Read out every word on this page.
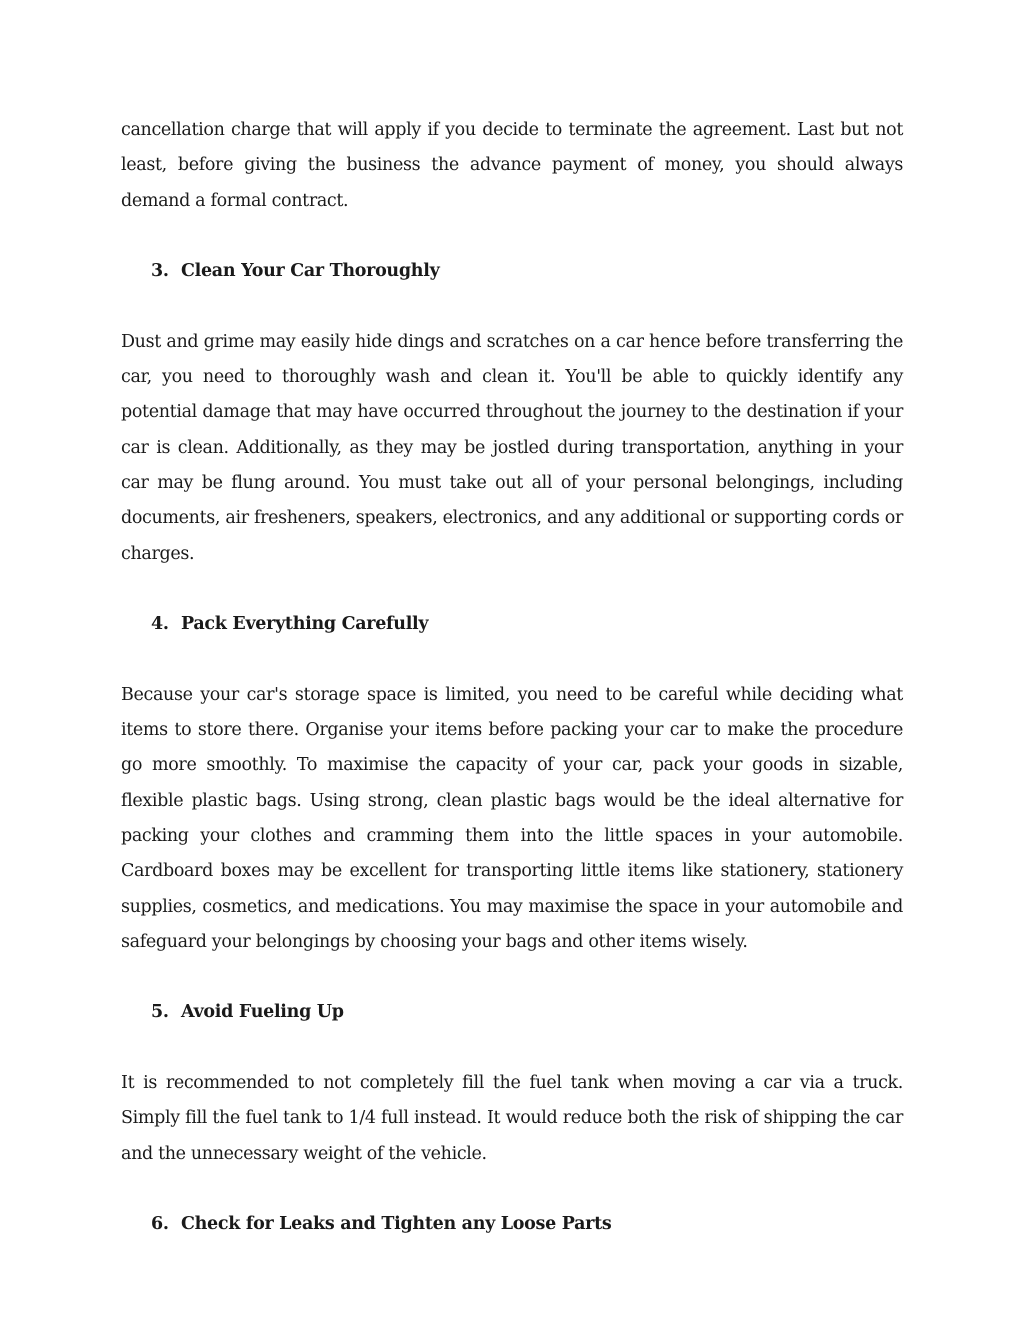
cancellation charge that will apply if you decide to terminate the agreement. Last but not least, before giving the business the advance payment of money, you should always demand a formal contract.

3. Clean Your Car Thoroughly

Dust and grime may easily hide dings and scratches on a car hence before transferring the car, you need to thoroughly wash and clean it. You'll be able to quickly identify any potential damage that may have occurred throughout the journey to the destination if your car is clean. Additionally, as they may be jostled during transportation, anything in your car may be flung around. You must take out all of your personal belongings, including documents, air fresheners, speakers, electronics, and any additional or supporting cords or charges.

4. Pack Everything Carefully

Because your car's storage space is limited, you need to be careful while deciding what items to store there. Organise your items before packing your car to make the procedure go more smoothly. To maximise the capacity of your car, pack your goods in sizable, flexible plastic bags. Using strong, clean plastic bags would be the ideal alternative for packing your clothes and cramming them into the little spaces in your automobile. Cardboard boxes may be excellent for transporting little items like stationery, stationery supplies, cosmetics, and medications. You may maximise the space in your automobile and safeguard your belongings by choosing your bags and other items wisely.

5. Avoid Fueling Up

It is recommended to not completely fill the fuel tank when moving a car via a truck. Simply fill the fuel tank to 1/4 full instead. It would reduce both the risk of shipping the car and the unnecessary weight of the vehicle.

6. Check for Leaks and Tighten any Loose Parts
